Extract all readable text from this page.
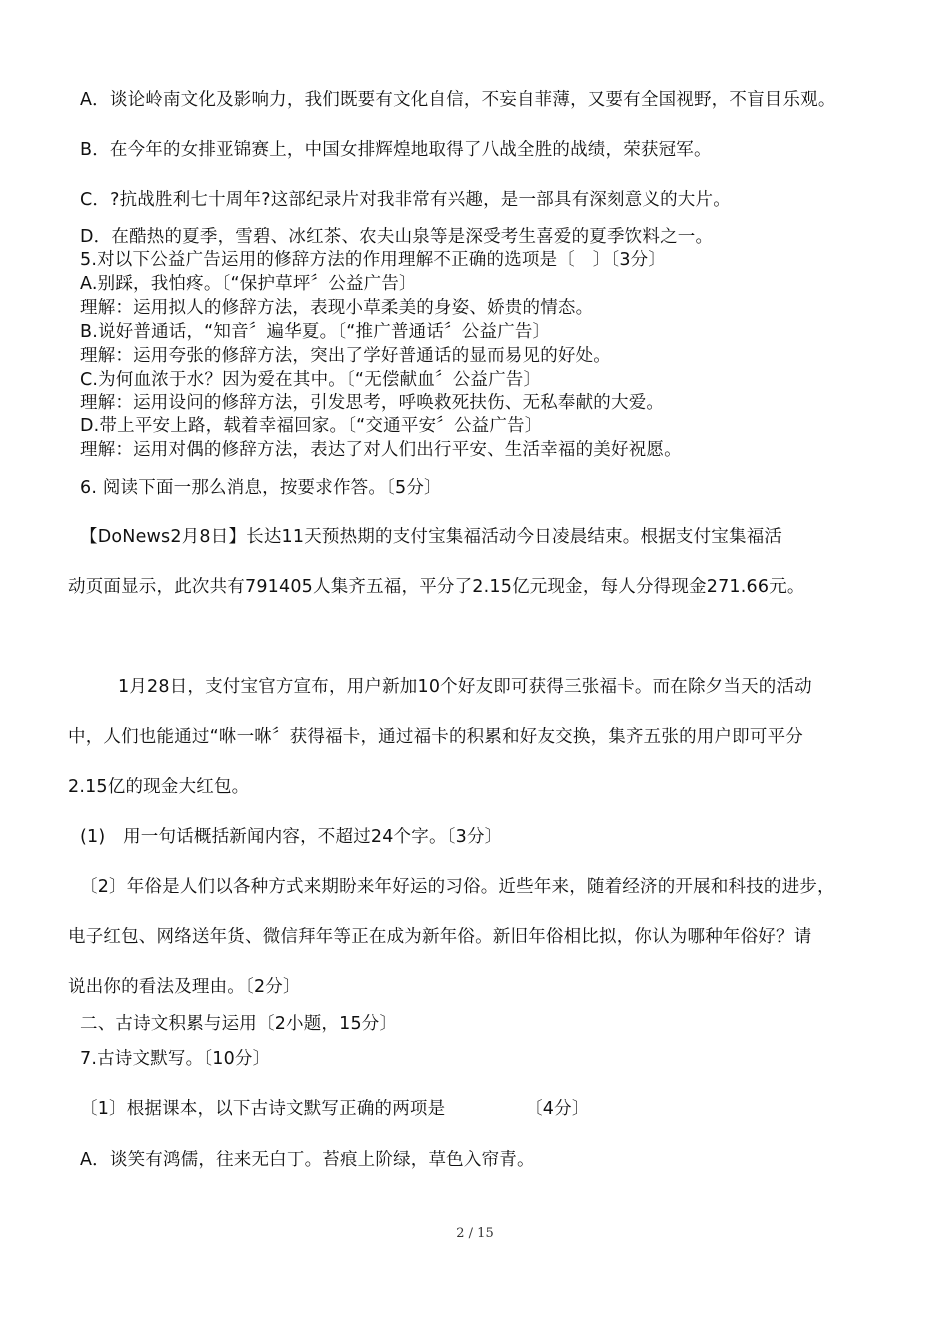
A．谈论岭南文化及影响力，我们既要有文化自信，不妄自菲薄，又要有全国视野，不盲目乐观。
B．在今年的女排亚锦赛上，中国女排辉煌地取得了八战全胜的战绩，荣获冠军。
C．?抗战胜利七十周年?这部纪录片对我非常有兴趣，是一部具有深刻意义的大片。
D．在酷热的夏季，雪碧、冰红茶、农夫山泉等是深受考生喜爱的夏季饮料之一。
5.对以下公益广告运用的修辞方法的作用理解不正确的选项是〔　〕〔3分〕
A.别踩，我怕疼。〔“保护草坪〞公益广告〕
理解：运用拟人的修辞方法，表现小草柔美的身姿、娇贵的情态。
B.说好普通话，“知音〞遍华夏。〔“推广普通话〞公益广告〕
理解：运用夸张的修辞方法，突出了学好普通话的显而易见的好处。
C.为何血浓于水？因为爱在其中。〔“无偿献血〞公益广告〕
理解：运用设问的修辞方法，引发思考，呼唤救死扶伤、无私奉献的大爱。
D.带上平安上路，载着幸福回家。〔“交通平安〞公益广告〕
理解：运用对偶的修辞方法，表达了对人们出行平安、生活幸福的美好祝愿。
6. 阅读下面一那么消息，按要求作答。〔5分〕
【DoNews2月8日】长达11天预热期的支付宝集福活动今日凌晨结束。根据支付宝集福活
动页面显示，此次共有791405人集齐五福，平分了2.15亿元现金，每人分得现金271.66元。
1月28日，支付宝官方宣布，用户新加10个好友即可获得三张福卡。而在除夕当天的活动
中，人们也能通过“咻一咻〞获得福卡，通过福卡的积累和好友交换，集齐五张的用户即可平分
2.15亿的现金大红包。
(1)　用一句话概括新闻内容，不超过24个字。〔3分〕
〔2〕年俗是人们以各种方式来期盼来年好运的习俗。近些年来，随着经济的开展和科技的进步，
电子红包、网络送年货、微信拜年等正在成为新年俗。新旧年俗相比拟，你认为哪种年俗好？请
说出你的看法及理由。〔2分〕
二、古诗文积累与运用〔2小题，15分〕
7.古诗文默写。〔10分〕
〔1〕根据课本，以下古诗文默写正确的两项是　　　　　〔4分〕
A．谈笑有鸿儒，往来无白丁。苔痕上阶绿，草色入帘青。
2 / 15
